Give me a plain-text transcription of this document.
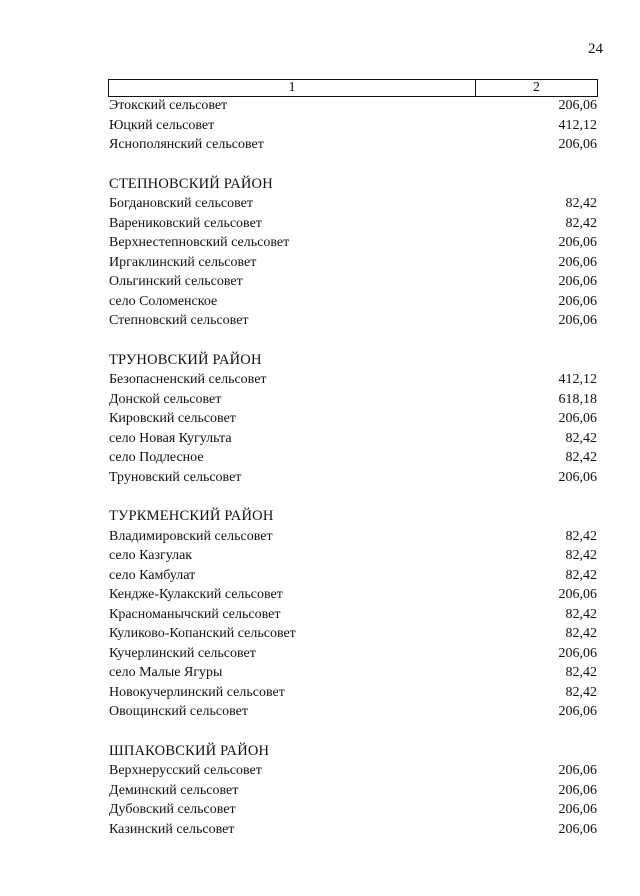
24
1	2
Этокский сельсовет	206,06
Юцкий сельсовет	412,12
Яснополянский сельсовет	206,06
СТЕПНОВСКИЙ РАЙОН
Богдановский сельсовет	82,42
Варениковский сельсовет	82,42
Верхнестепновский сельсовет	206,06
Иргаклинский сельсовет	206,06
Ольгинский сельсовет	206,06
село Соломенское	206,06
Степновский сельсовет	206,06
ТРУНОВСКИЙ РАЙОН
Безопасненский сельсовет	412,12
Донской сельсовет	618,18
Кировский сельсовет	206,06
село Новая Кугульта	82,42
село Подлесное	82,42
Труновский сельсовет	206,06
ТУРКМЕНСКИЙ РАЙОН
Владимировский сельсовет	82,42
село Казгулак	82,42
село Камбулат	82,42
Кендже-Кулакский сельсовет	206,06
Красноманычский сельсовет	82,42
Куликово-Копанский сельсовет	82,42
Кучерлинский сельсовет	206,06
село Малые Ягуры	82,42
Новокучерлинский сельсовет	82,42
Овощинский сельсовет	206,06
ШПАКОВСКИЙ РАЙОН
Верхнерусский сельсовет	206,06
Деминский сельсовет	206,06
Дубовский сельсовет	206,06
Казинский сельсовет	206,06
